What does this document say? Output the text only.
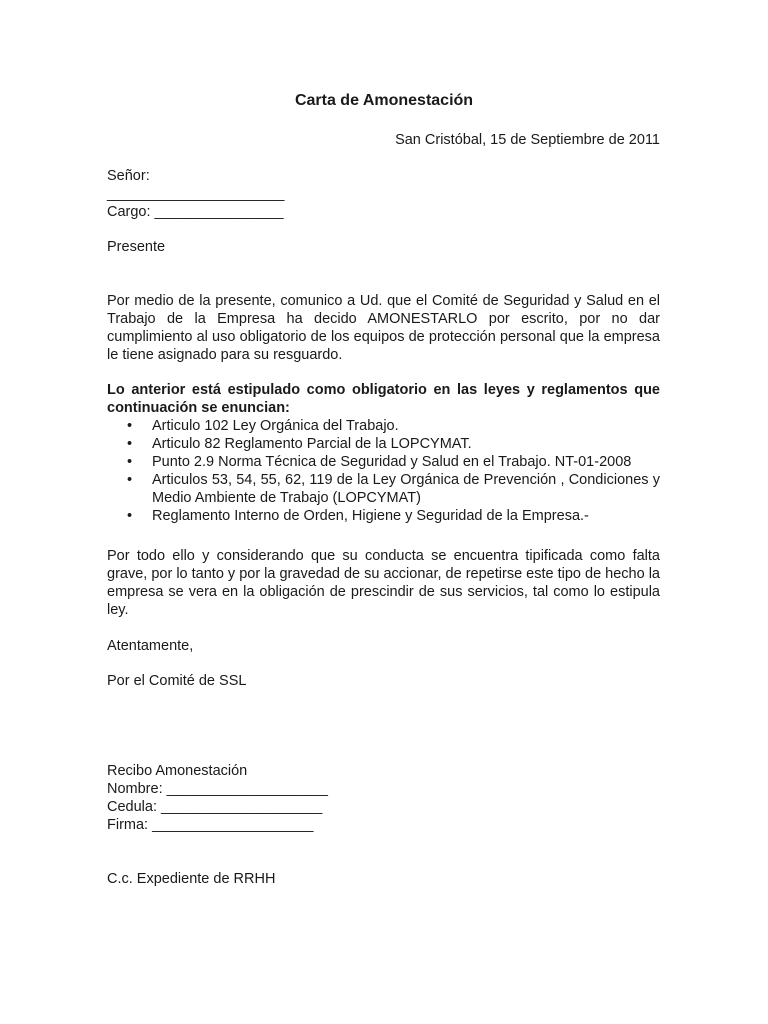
Carta de Amonestación
San Cristóbal, 15 de Septiembre de 2011
Señor:
______________________
Cargo: ________________
Presente
Por medio de la presente, comunico a Ud. que el Comité de Seguridad y Salud en el Trabajo de la Empresa ha decido AMONESTARLO por escrito, por no dar cumplimiento al uso obligatorio de los equipos de protección personal que la empresa le tiene asignado para su resguardo.
Lo anterior está estipulado como obligatorio en las leyes y reglamentos que continuación se enuncian:
• Articulo 102 Ley Orgánica del Trabajo.
• Articulo 82 Reglamento Parcial de la LOPCYMAT.
• Punto 2.9 Norma Técnica de Seguridad y Salud en el Trabajo. NT-01-2008
• Articulos 53, 54, 55, 62, 119 de la Ley Orgánica de Prevención , Condiciones y Medio Ambiente de Trabajo (LOPCYMAT)
• Reglamento Interno de Orden, Higiene y Seguridad de la Empresa.-
Por todo ello y considerando que su conducta se encuentra tipificada como falta grave, por lo tanto y por la gravedad de su accionar, de repetirse este tipo de hecho la empresa se vera en la obligación de prescindir de sus servicios, tal como lo estipula ley.
Atentamente,
Por el Comité de SSL
Recibo Amonestación
Nombre: ____________________
Cedula: ____________________
Firma: ____________________
C.c. Expediente de RRHH
